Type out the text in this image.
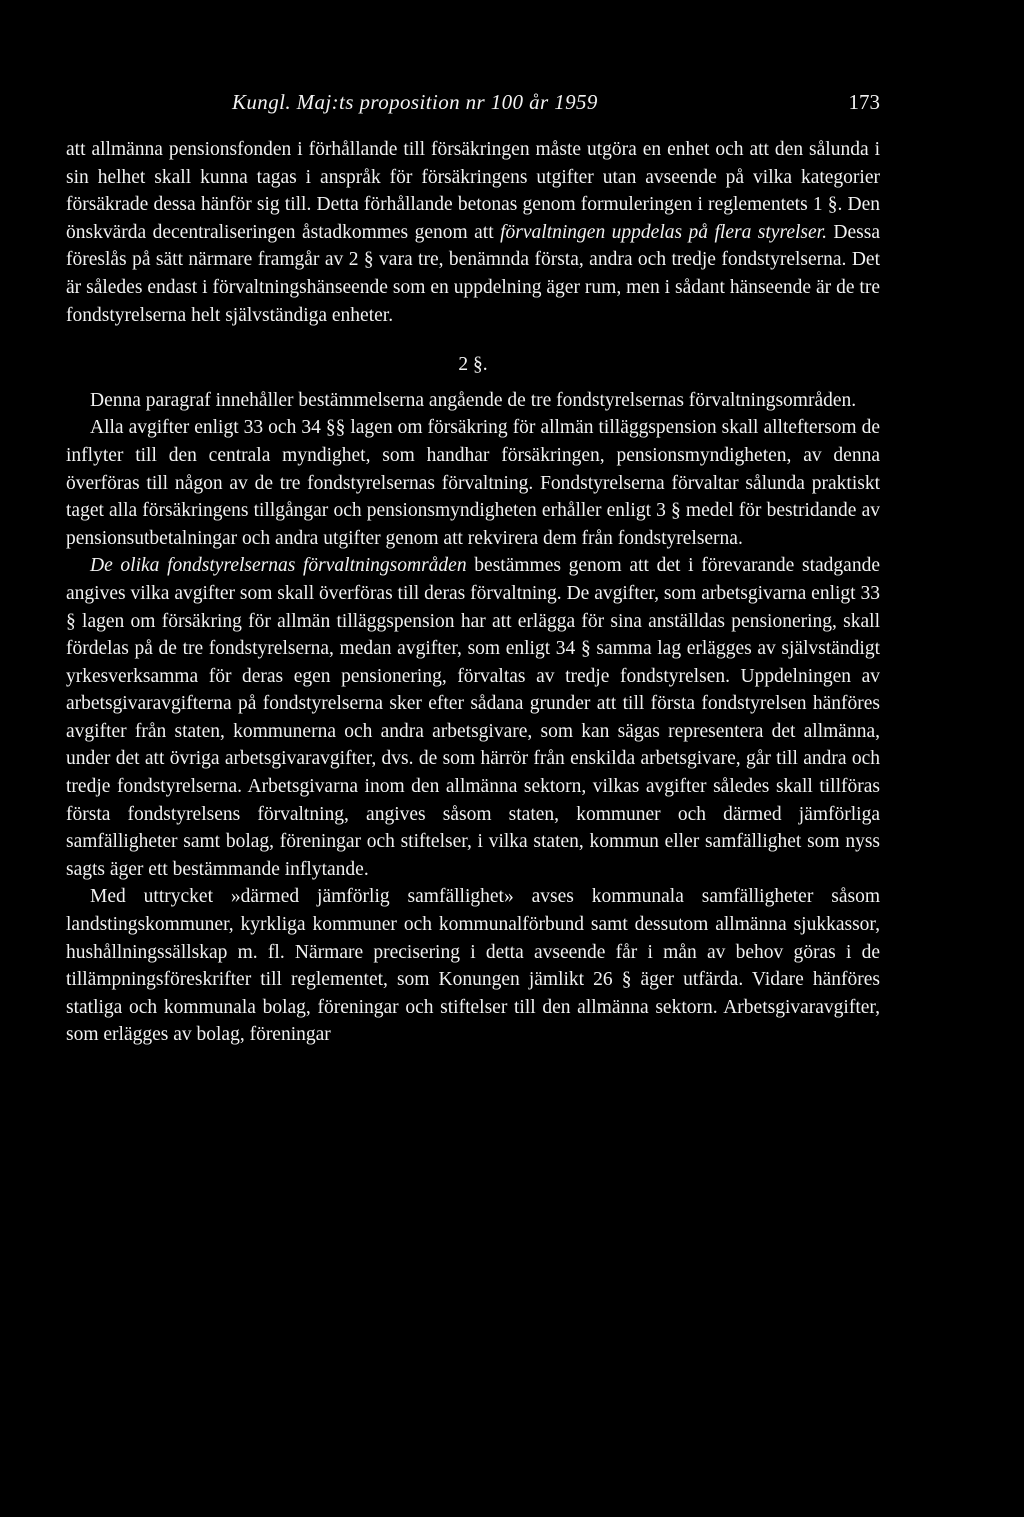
Kungl. Maj:ts proposition nr 100 år 1959	173

att allmänna pensionsfonden i förhållande till försäkringen måste utgöra en enhet och att den sålunda i sin helhet skall kunna tagas i anspråk för försäkringens utgifter utan avseende på vilka kategorier försäkrade dessa hänför sig till. Detta förhållande betonas genom formuleringen i reglementets 1 §. Den önskvärda decentraliseringen åstadkommes genom att förvaltningen uppdelas på flera styrelser. Dessa föreslås på sätt närmare framgår av 2 § vara tre, benämnda första, andra och tredje fondstyrelserna. Det är således endast i förvaltningshänseende som en uppdelning äger rum, men i sådant hänseende är de tre fondstyrelserna helt självständiga enheter.

2 §.

Denna paragraf innehåller bestämmelserna angående de tre fondstyrelsernas förvaltningsområden.

Alla avgifter enligt 33 och 34 §§ lagen om försäkring för allmän tilläggspension skall allteftersom de inflyter till den centrala myndighet, som handhar försäkringen, pensionsmyndigheten, av denna överföras till någon av de tre fondstyrelsernas förvaltning. Fondstyrelserna förvaltar sålunda praktiskt taget alla försäkringens tillgångar och pensionsmyndigheten erhåller enligt 3 § medel för bestridande av pensionsutbetalningar och andra utgifter genom att rekvirera dem från fondstyrelserna.

De olika fondstyrelsernas förvaltningsområden bestämmes genom att det i förevarande stadgande angives vilka avgifter som skall överföras till deras förvaltning. De avgifter, som arbetsgivarna enligt 33 § lagen om försäkring för allmän tilläggspension har att erlägga för sina anställdas pensionering, skall fördelas på de tre fondstyrelserna, medan avgifter, som enligt 34 § samma lag erlägges av självständigt yrkesverksamma för deras egen pensionering, förvaltas av tredje fondstyrelsen. Uppdelningen av arbetsgivaravgifterna på fondstyrelserna sker efter sådana grunder att till första fondstyrelsen hänföres avgifter från staten, kommunerna och andra arbetsgivare, som kan sägas representera det allmänna, under det att övriga arbetsgivaravgifter, dvs. de som härrör från enskilda arbetsgivare, går till andra och tredje fondstyrelserna. Arbetsgivarna inom den allmänna sektorn, vilkas avgifter således skall tillföras första fondstyrelsens förvaltning, angives såsom staten, kommuner och därmed jämförliga samfälligheter samt bolag, föreningar och stiftelser, i vilka staten, kommun eller samfällighet som nyss sagts äger ett bestämmande inflytande.

Med uttrycket »därmed jämförlig samfällighet» avses kommunala samfälligheter såsom landstingskommuner, kyrkliga kommuner och kommunalförbund samt dessutom allmänna sjukkassor, hushållningssällskap m. fl. Närmare precisering i detta avseende får i mån av behov göras i de tillämpningsföreskrifter till reglementet, som Konungen jämlikt 26 § äger utfärda. Vidare hänföres statliga och kommunala bolag, föreningar och stiftelser till den allmänna sektorn. Arbetsgivaravgifter, som erlägges av bolag, föreningar
